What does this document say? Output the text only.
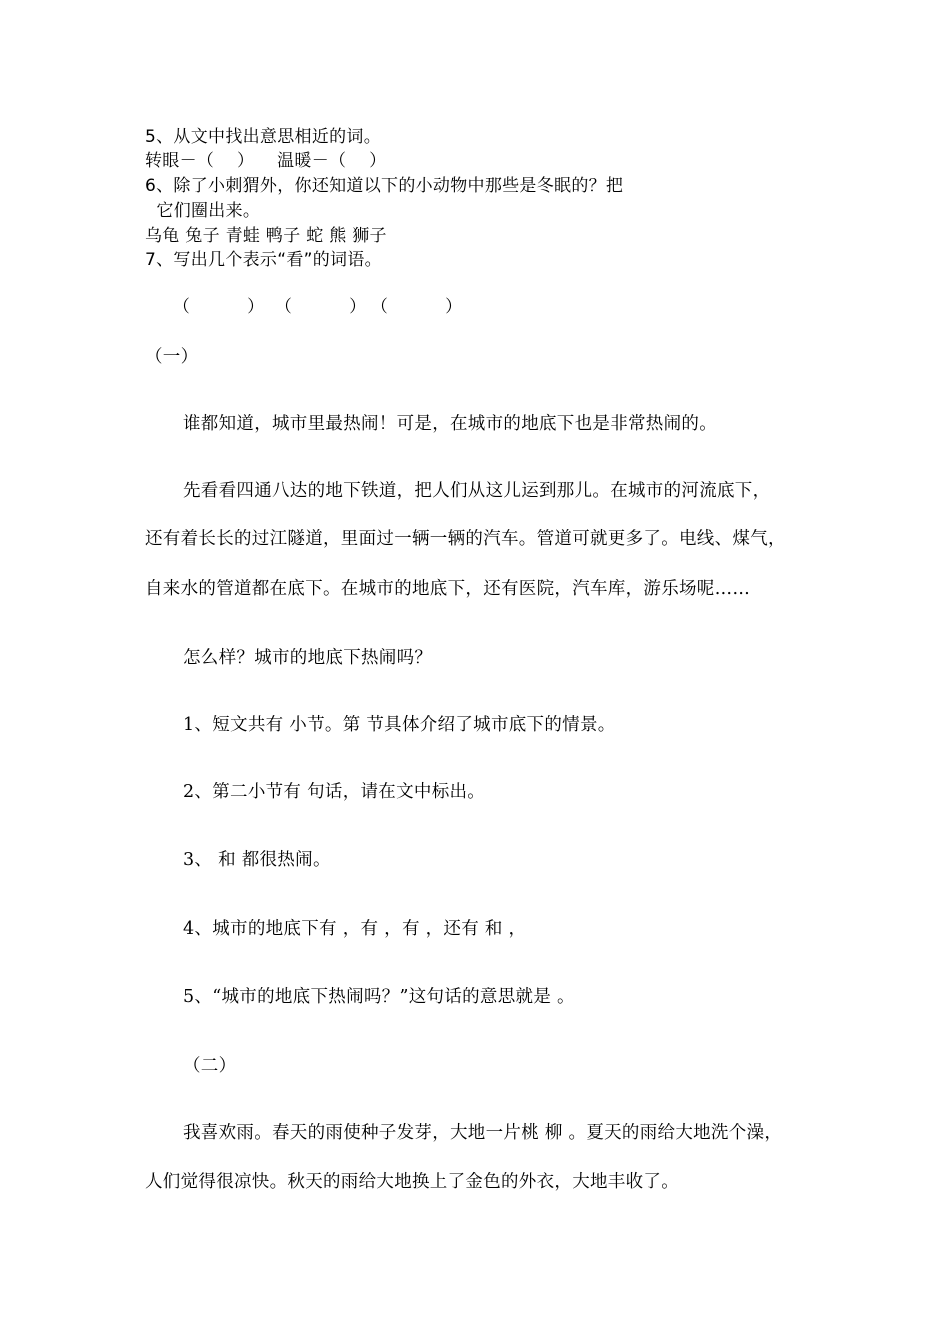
5、从文中找出意思相近的词。
转眼－（    ）    温暖－（    ）
6、除了小刺猬外，你还知道以下的小动物中那些是冬眠的？把
它们圈出来。
乌龟 兔子 青蛙 鸭子 蛇 熊 狮子
7、写出几个表示“看”的词语。

（          ） （          ） （          ）

（一）
谁都知道，城市里最热闹！可是，在城市的地底下也是非常热闹的。
先看看四通八达的地下铁道，把人们从这儿运到那儿。在城市的河流底下，
还有着长长的过江隧道，里面过一辆一辆的汽车。管道可就更多了。电线、煤气，
自来水的管道都在底下。在城市的地底下，还有医院，汽车库，游乐场呢……
怎么样？城市的地底下热闹吗？
1、短文共有 小节。第 节具体介绍了城市底下的情景。
2、第二小节有 句话，请在文中标出。
3、 和 都很热闹。
4、城市的地底下有 ，有 ，有 ，还有 和 ，
5、“城市的地底下热闹吗？”这句话的意思就是 。
（二）
我喜欢雨。春天的雨使种子发芽，大地一片桃 柳 。夏天的雨给大地洗个澡，
人们觉得很凉快。秋天的雨给大地换上了金色的外衣，大地丰收了。
